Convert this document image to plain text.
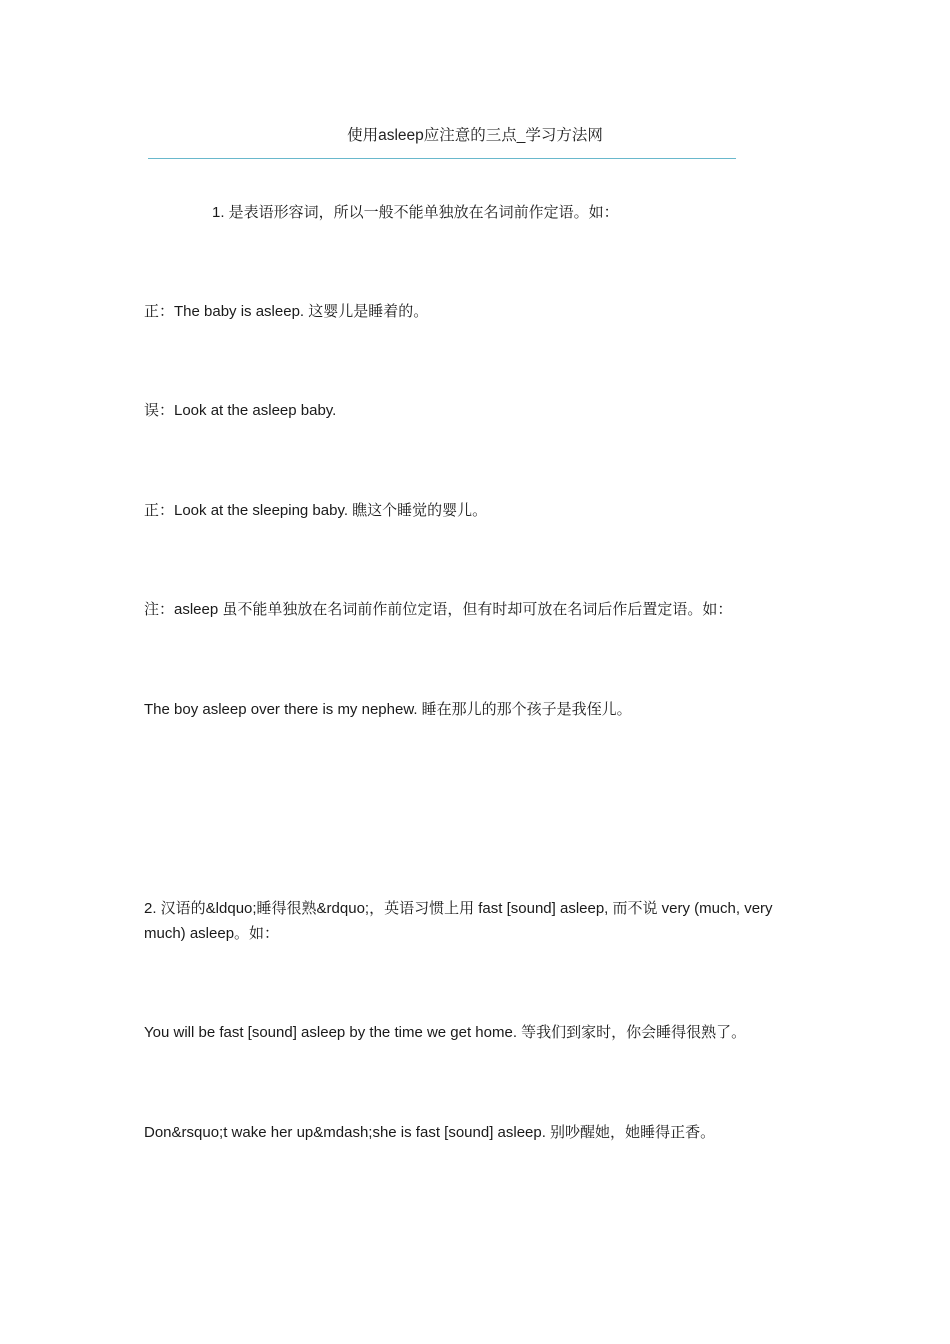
使用asleep应注意的三点_学习方法网
——————————————————————————————————————————
1. 是表语形容词，所以一般不能单独放在名词前作定语。如：
正：The baby is asleep. 这婴儿是睡着的。
误：Look at the asleep baby.
正：Look at the sleeping baby. 瞧这个睡觉的婴儿。
注：asleep 虽不能单独放在名词前作前位定语，但有时却可放在名词后作后置定语。如：
The boy asleep over there is my nephew. 睡在那儿的那个孩子是我侄儿。
2. 汉语的&ldquo;睡得很熟&rdquo;，英语习惯上用 fast [sound] asleep, 而不说 very (much, very much) asleep。如：
You will be fast [sound] asleep by the time we get home. 等我们到家时，你会睡得很熟了。
Don&rsquo;t wake her up&mdash;she is fast [sound] asleep. 别吵醒她，她睡得正香。
